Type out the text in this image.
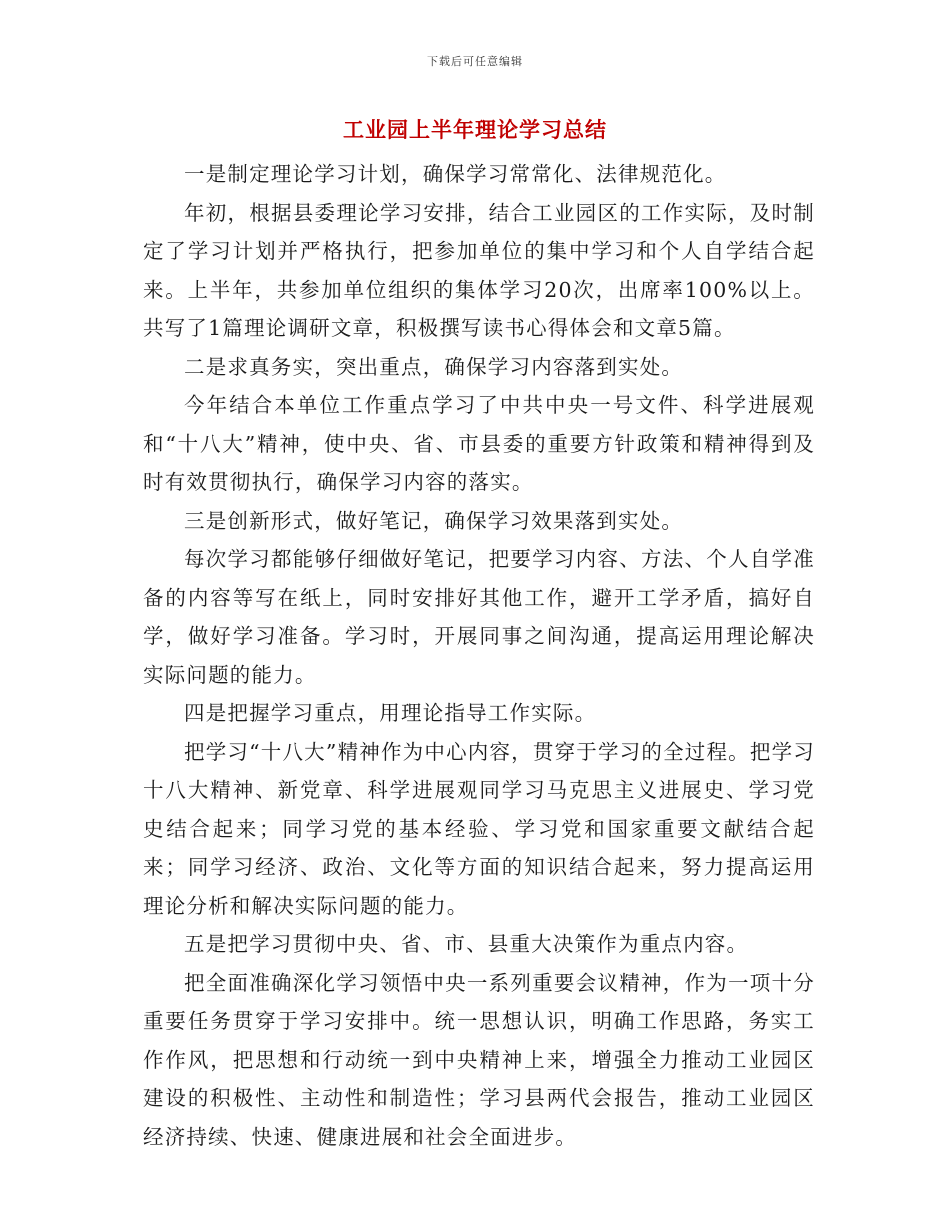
下载后可任意编辑
工业园上半年理论学习总结

一是制定理论学习计划，确保学习常常化、法律规范化。

年初，根据县委理论学习安排，结合工业园区的工作实际，及时制定了学习计划并严格执行，把参加单位的集中学习和个人自学结合起来。上半年，共参加单位组织的集体学习20次，出席率100%以上。共写了1篇理论调研文章，积极撰写读书心得体会和文章5篇。

二是求真务实，突出重点，确保学习内容落到实处。

今年结合本单位工作重点学习了中共中央一号文件、科学进展观和“十八大”精神，使中央、省、市县委的重要方针政策和精神得到及时有效贯彻执行，确保学习内容的落实。

三是创新形式，做好笔记，确保学习效果落到实处。

每次学习都能够仔细做好笔记，把要学习内容、方法、个人自学准备的内容等写在纸上，同时安排好其他工作，避开工学矛盾，搞好自学，做好学习准备。学习时，开展同事之间沟通，提高运用理论解决实际问题的能力。

四是把握学习重点，用理论指导工作实际。

把学习“十八大”精神作为中心内容，贯穿于学习的全过程。把学习十八大精神、新党章、科学进展观同学习马克思主义进展史、学习党史结合起来；同学习党的基本经验、学习党和国家重要文献结合起来；同学习经济、政治、文化等方面的知识结合起来，努力提高运用理论分析和解决实际问题的能力。

五是把学习贯彻中央、省、市、县重大决策作为重点内容。

把全面准确深化学习领悟中央一系列重要会议精神，作为一项十分重要任务贯穿于学习安排中。统一思想认识，明确工作思路，务实工作作风，把思想和行动统一到中央精神上来，增强全力推动工业园区建设的积极性、主动性和制造性；学习县两代会报告，推动工业园区经济持续、快速、健康进展和社会全面进步。
